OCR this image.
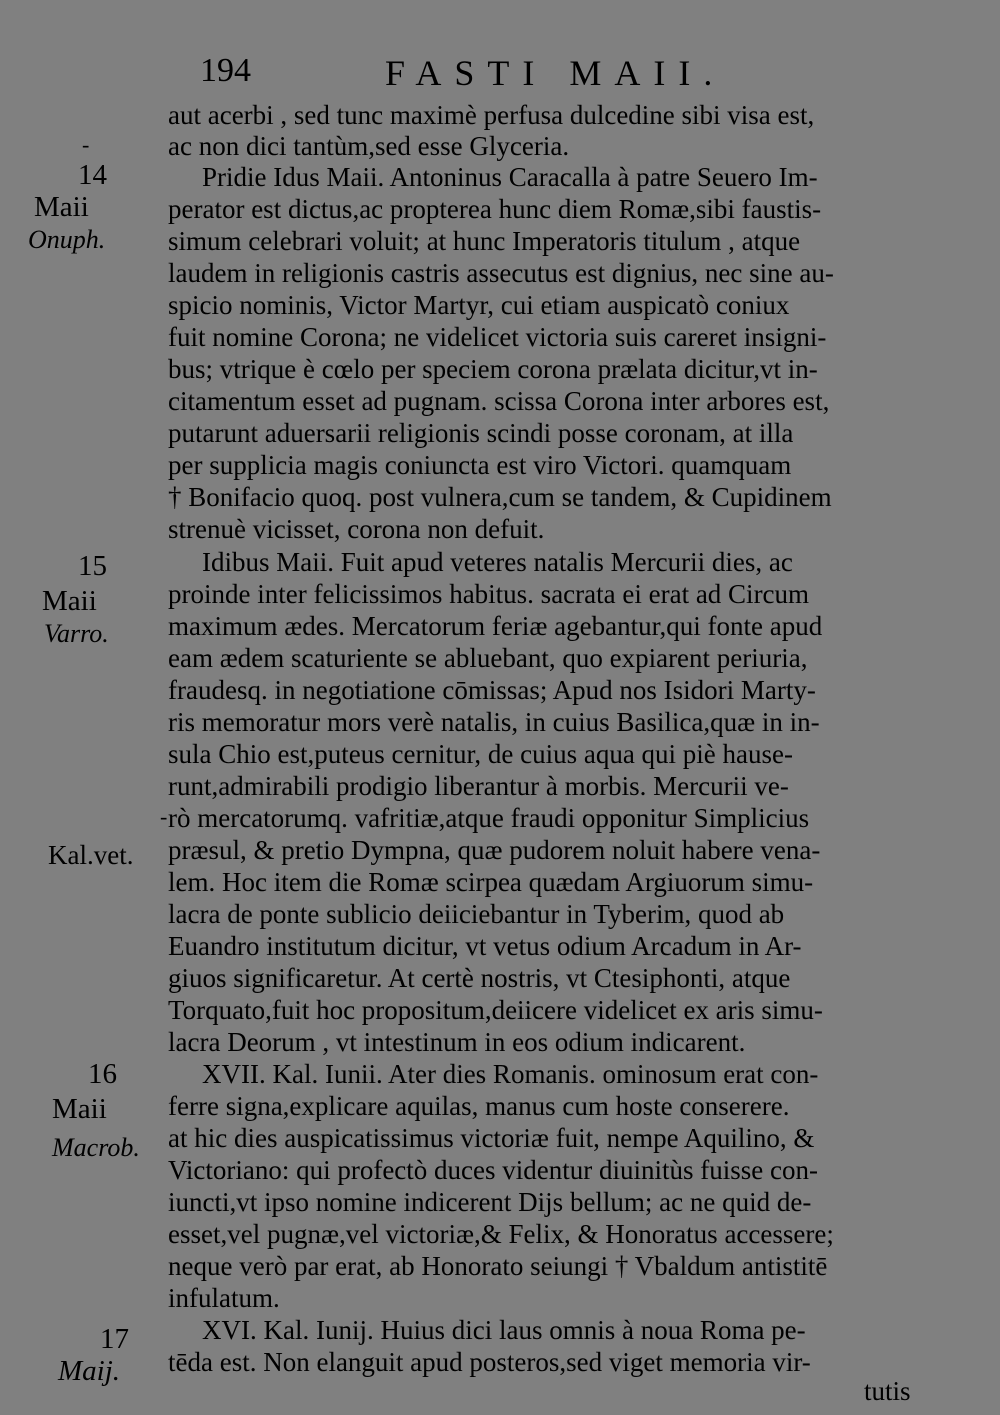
194	FASTI MAII.
aut acerbi , sed tunc maximè perfusa dulcedine sibi visa est,
ac non dici tantùm,sed esse Glyceria.
Pridie Idus Maii. Antoninus Caracalla à patre Seuero Im-
perator est dictus,ac propterea hunc diem Romæ,sibi faustis-
simum celebrari voluit; at hunc Imperatoris titulum , atque
laudem in religionis castris assecutus est dignius, nec sine au-
spicio nominis, Victor Martyr, cui etiam auspicatò coniux
fuit nomine Corona; ne videlicet victoria suis careret insigni-
bus; vtrique è cœlo per speciem corona prælata dicitur,vt in-
citamentum esset ad pugnam. scissa Corona inter arbores est,
putarunt aduersarii religionis scindi posse coronam, at illa
per supplicia magis coniuncta est viro Victori. quamquam
† Bonifacio quoq. post vulnera,cum se tandem, & Cupidinem
strenuè vicisset, corona non defuit.
Idibus Maii. Fuit apud veteres natalis Mercurii dies, ac
proinde inter felicissimos habitus. sacrata ei erat ad Circum
maximum ædes. Mercatorum feriæ agebantur,qui fonte apud
eam ædem scaturiente se abluebant, quo expiarent periuria,
fraudesq. in negotiatione cōmissas; Apud nos Isidori Marty-
ris memoratur mors verè natalis, in cuius Basilica,quæ in in-
sula Chio est,puteus cernitur, de cuius aqua qui piè hause-
runt,admirabili prodigio liberantur à morbis. Mercurii ve-
rò mercatorumq. vafritiæ,atque fraudi opponitur Simplicius
præsul, & pretio Dympna, quæ pudorem noluit habere vena-
lem. Hoc item die Romæ scirpea quædam Argiuorum simu-
lacra de ponte sublicio deiiciebantur in Tyberim, quod ab
Euandro institutum dicitur, vt vetus odium Arcadum in Ar-
giuos significaretur. At certè nostris, vt Ctesiphonti, atque
Torquato,fuit hoc propositum,deiicere videlicet ex aris simu-
lacra Deorum , vt intestinum in eos odium indicarent.
XVII. Kal. Iunii. Ater dies Romanis. ominosum erat con-
ferre signa,explicare aquilas, manus cum hoste conserere.
at hic dies auspicatissimus victoriæ fuit, nempe Aquilino, &
Victoriano: qui profectò duces videntur diuinitùs fuisse con-
iuncti,vt ipso nomine indicerent Dijs bellum; ac ne quid de-
esset,vel pugnæ,vel victoriæ,& Felix, & Honoratus accessere;
neque verò par erat, ab Honorato seiungi † Vbaldum antistitē
infulatum.
XVI. Kal. Iunij. Huius dici laus omnis à noua Roma pe-
tēda est. Non elanguit apud posteros,sed viget memoria vir-
tutis
-
14
Maii
Onuph.
15
Maii
Varro.
-
Kal.vet.
16
Maii
Macrob.
17
Maij.
